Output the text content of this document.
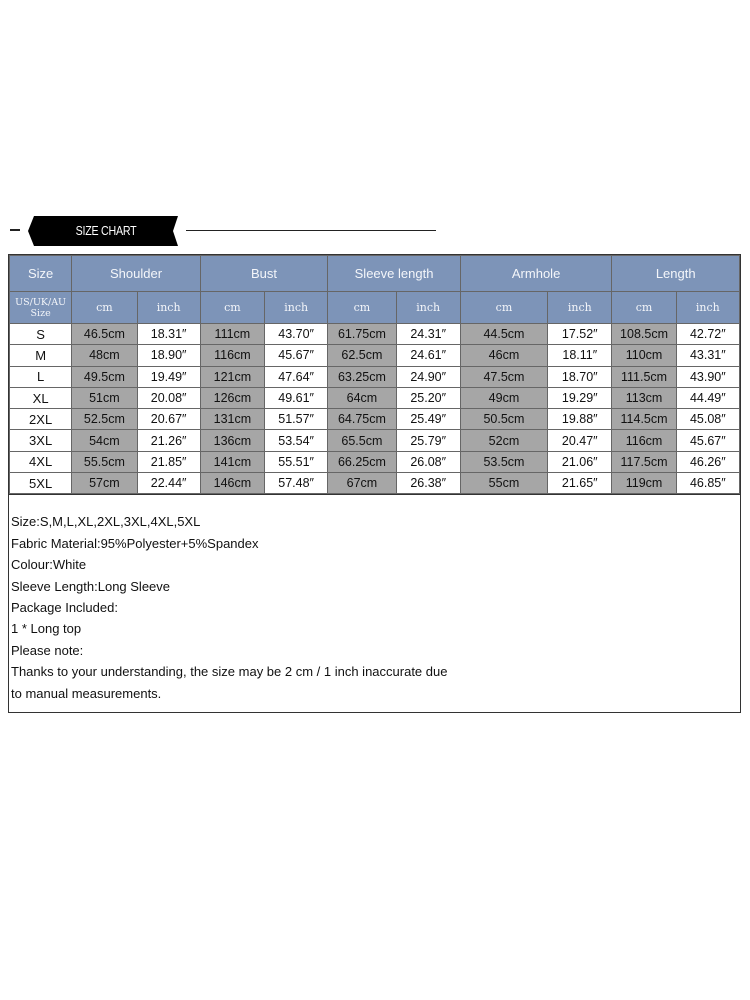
SIZE CHART
Size	Shoulder		Bust		Sleeve length		Armhole		Length	

US/UK/AU Size	cm	inch	cm	inch	cm	inch	cm	inch	cm	inch
S	46.5cm	18.31″	111cm	43.70″	61.75cm	24.31″	44.5cm	17.52″	108.5cm	42.72″
M	48cm	18.90″	116cm	45.67″	62.5cm	24.61″	46cm	18.11″	110cm	43.31″
L	49.5cm	19.49″	121cm	47.64″	63.25cm	24.90″	47.5cm	18.70″	111.5cm	43.90″
XL	51cm	20.08″	126cm	49.61″	64cm	25.20″	49cm	19.29″	113cm	44.49″
2XL	52.5cm	20.67″	131cm	51.57″	64.75cm	25.49″	50.5cm	19.88″	114.5cm	45.08″
3XL	54cm	21.26″	136cm	53.54″	65.5cm	25.79″	52cm	20.47″	116cm	45.67″
4XL	55.5cm	21.85″	141cm	55.51″	66.25cm	26.08″	53.5cm	21.06″	117.5cm	46.26″
5XL	57cm	22.44″	146cm	57.48″	67cm	26.38″	55cm	21.65″	119cm	46.85″

Size:S,M,L,XL,2XL,3XL,4XL,5XL

Fabric Material:95%Polyester+5%Spandex

Colour:White

Sleeve Length:Long Sleeve

Package Included:

1 * Long top

Please note:

Thanks to your understanding, the size may be 2 cm / 1 inch inaccurate due

to manual measurements.
